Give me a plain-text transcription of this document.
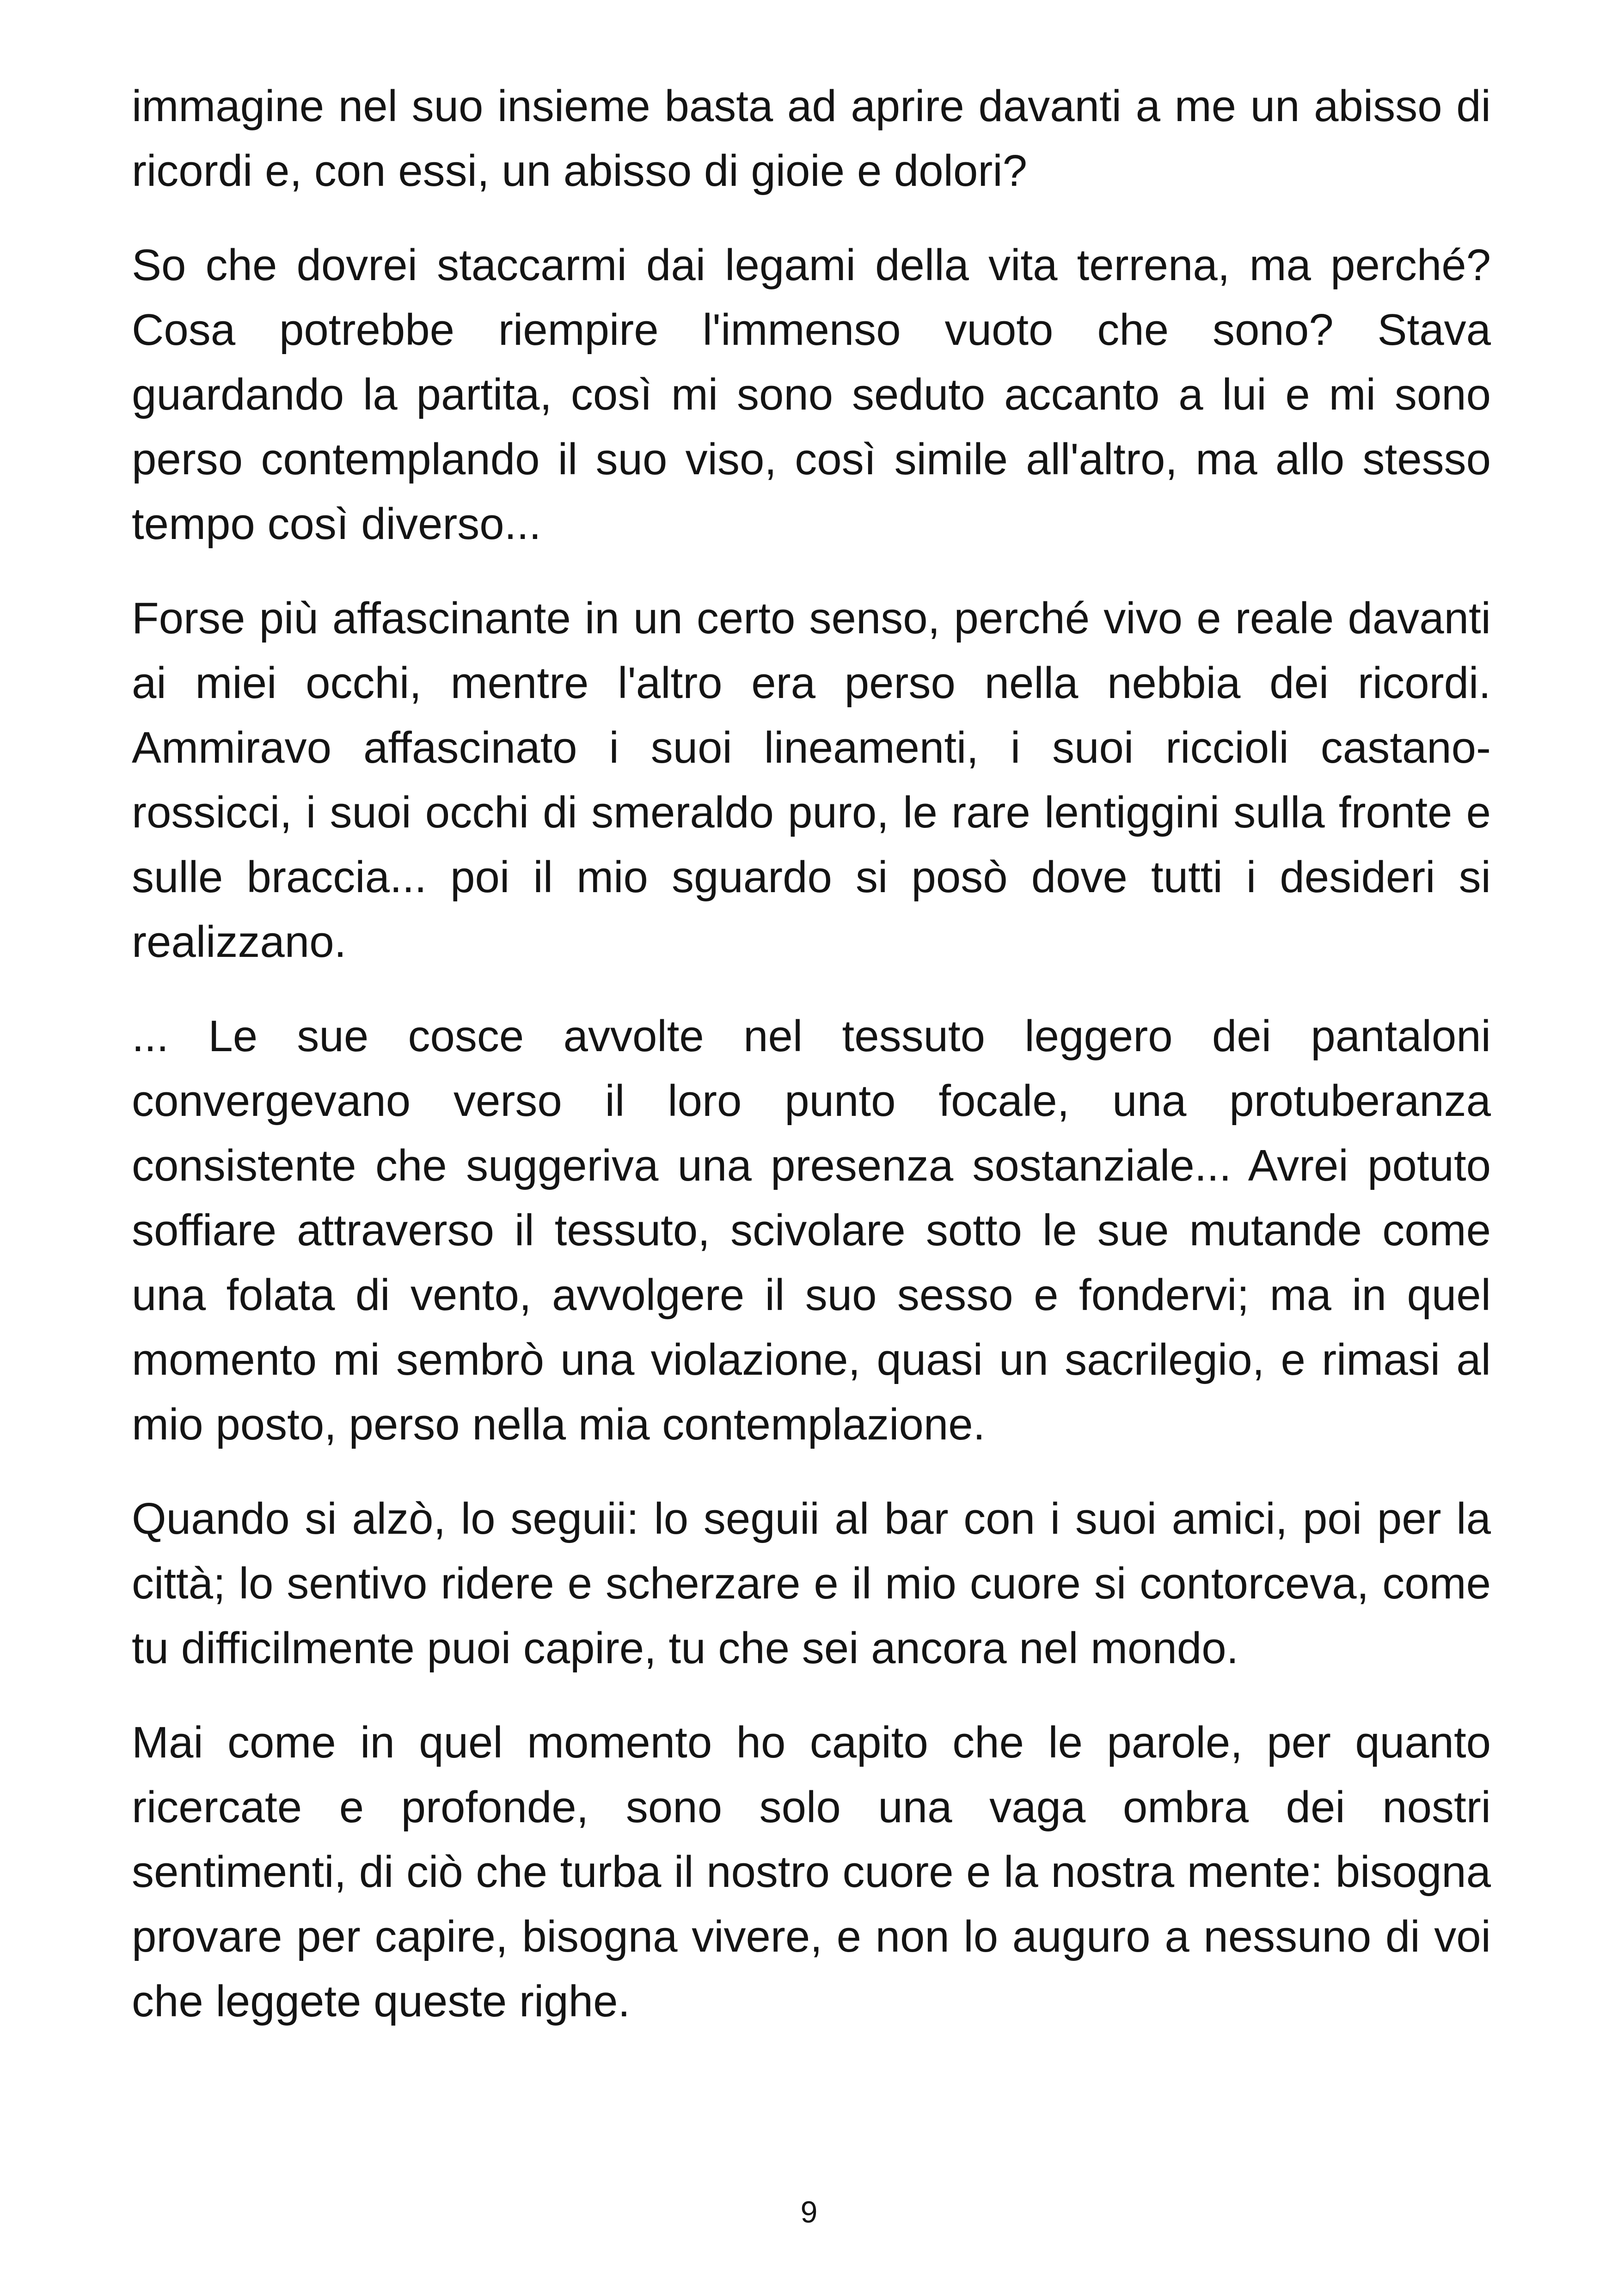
immagine nel suo insieme basta ad aprire davanti a me un abisso di ricordi e, con essi, un abisso di gioie e dolori?

So che dovrei staccarmi dai legami della vita terrena, ma perché? Cosa potrebbe riempire l'immenso vuoto che sono? Stava guardando la partita, così mi sono seduto accanto a lui e mi sono perso contemplando il suo viso, così simile all'altro, ma allo stesso tempo così diverso...

Forse più affascinante in un certo senso, perché vivo e reale davanti ai miei occhi, mentre l'altro era perso nella nebbia dei ricordi. Ammiravo affascinato i suoi lineamenti, i suoi riccioli castano-rossicci, i suoi occhi di smeraldo puro, le rare lentiggini sulla fronte e sulle braccia... poi il mio sguardo si posò dove tutti i desideri si realizzano.

... Le sue cosce avvolte nel tessuto leggero dei pantaloni convergevano verso il loro punto focale, una protuberanza consistente che suggeriva una presenza sostanziale... Avrei potuto soffiare attraverso il tessuto, scivolare sotto le sue mutande come una folata di vento, avvolgere il suo sesso e fondervi; ma in quel momento mi sembrò una violazione, quasi un sacrilegio, e rimasi al mio posto, perso nella mia contemplazione.

Quando si alzò, lo seguii: lo seguii al bar con i suoi amici, poi per la città; lo sentivo ridere e scherzare e il mio cuore si contorceva, come tu difficilmente puoi capire, tu che sei ancora nel mondo.

Mai come in quel momento ho capito che le parole, per quanto ricercate e profonde, sono solo una vaga ombra dei nostri sentimenti, di ciò che turba il nostro cuore e la nostra mente: bisogna provare per capire, bisogna vivere, e non lo auguro a nessuno di voi che leggete queste righe.

9
